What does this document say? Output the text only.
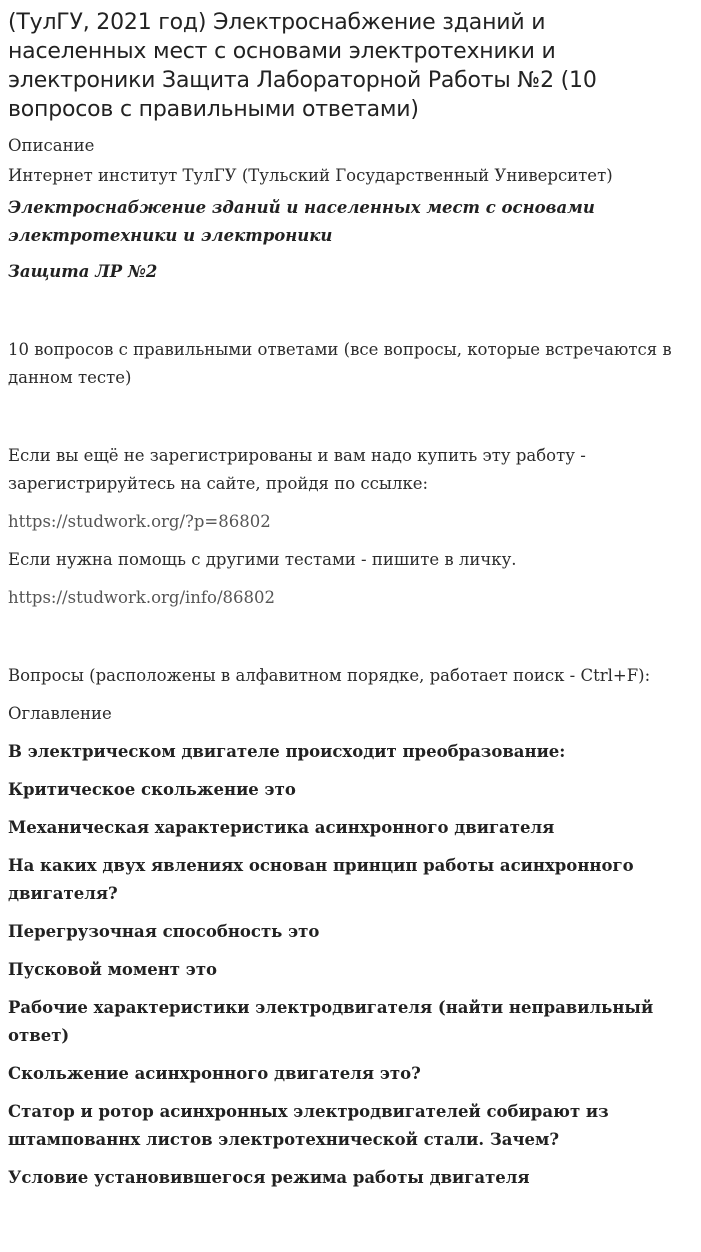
(ТулГУ, 2021 год) Электроснабжение зданий и населенных мест с основами электротехники и электроники Защита Лабораторной Работы №2 (10 вопросов с правильными ответами)

Описание

Интернет институт ТулГУ (Тульский Государственный Университет)

Электроснабжение зданий и населенных мест с основами электротехники и электроники

Защита ЛР №2

10 вопросов с правильными ответами (все вопросы, которые встречаются в данном тесте)

Если вы ещё не зарегистрированы и вам надо купить эту работу - зарегистрируйтесь на сайте, пройдя по ссылке:

https://studwork.org/?p=86802

Если нужна помощь с другими тестами - пишите в личку.

https://studwork.org/info/86802

Вопросы (расположены в алфавитном порядке, работает поиск - Ctrl+F):

Оглавление

В электрическом двигателе происходит преобразование:
Критическое скольжение это
Механическая характеристика асинхронного двигателя
На каких двух явлениях основан принцип работы асинхронного двигателя?
Перегрузочная способность это
Пусковой момент это
Рабочие характеристики электродвигателя (найти неправильный ответ)
Скольжение асинхронного двигателя это?
Статор и ротор асинхронных электродвигателей собирают из штампованнх листов электротехнической стали. Зачем?
Условие установившегося режима работы двигателя
